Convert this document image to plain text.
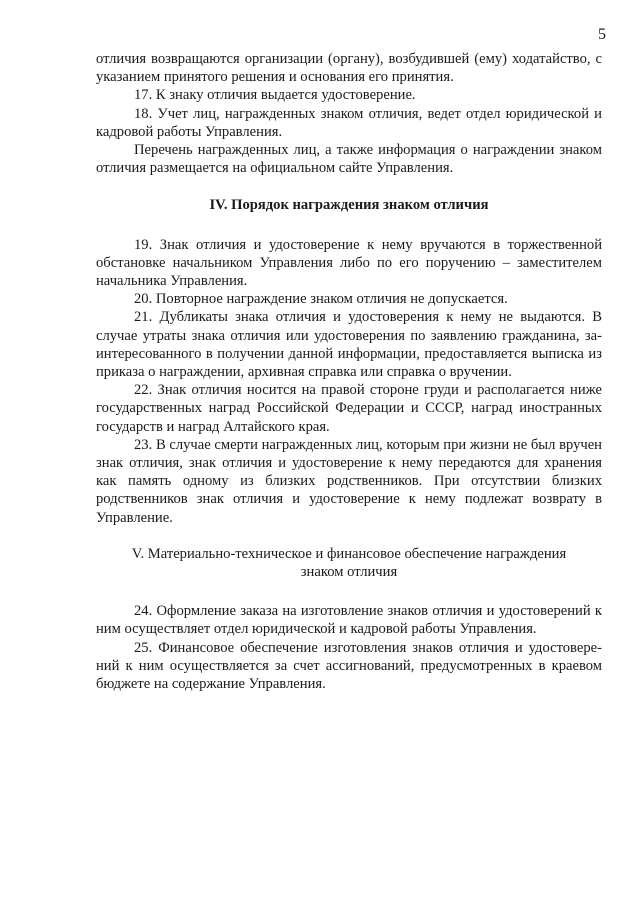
5

отличия возвращаются организации (органу), возбудившей (ему) ходатайство, с указанием принятого решения и основания его принятия.

17. К знаку отличия выдается удостоверение.

18. Учет лиц, награжденных знаком отличия, ведет отдел юридической и кадровой работы Управления.

Перечень награжденных лиц, а также информация о награждении знаком отличия размещается на официальном сайте Управления.

IV. Порядок награждения знаком отличия

19. Знак отличия и удостоверение к нему вручаются в торжественной обстановке начальником Управления либо по его поручению – заместителем начальника Управления.

20. Повторное награждение знаком отличия не допускается.

21. Дубликаты знака отличия и удостоверения к нему не выдаются. В случае утраты знака отличия или удостоверения по заявлению гражданина, заинтересованного в получении данной информации, предоставляется выписка из приказа о награждении, архивная справка или справка о вручении.

22. Знак отличия носится на правой стороне груди и располагается ниже государственных наград Российской Федерации и СССР, наград иностранных государств и наград Алтайского края.

23. В случае смерти награжденных лиц, которым при жизни не был вручен знак отличия, знак отличия и удостоверение к нему передаются для хранения как память одному из близких родственников. При отсутствии близких родственников знак отличия и удостоверение к нему подлежат возврату в Управление.

V. Материально-техническое и финансовое обеспечение награждения
знаком отличия

24. Оформление заказа на изготовление знаков отличия и удостоверений к ним осуществляет отдел юридической и кадровой работы Управления.

25. Финансовое обеспечение изготовления знаков отличия и удостоверений к ним осуществляется за счет ассигнований, предусмотренных в краевом бюджете на содержание Управления.
